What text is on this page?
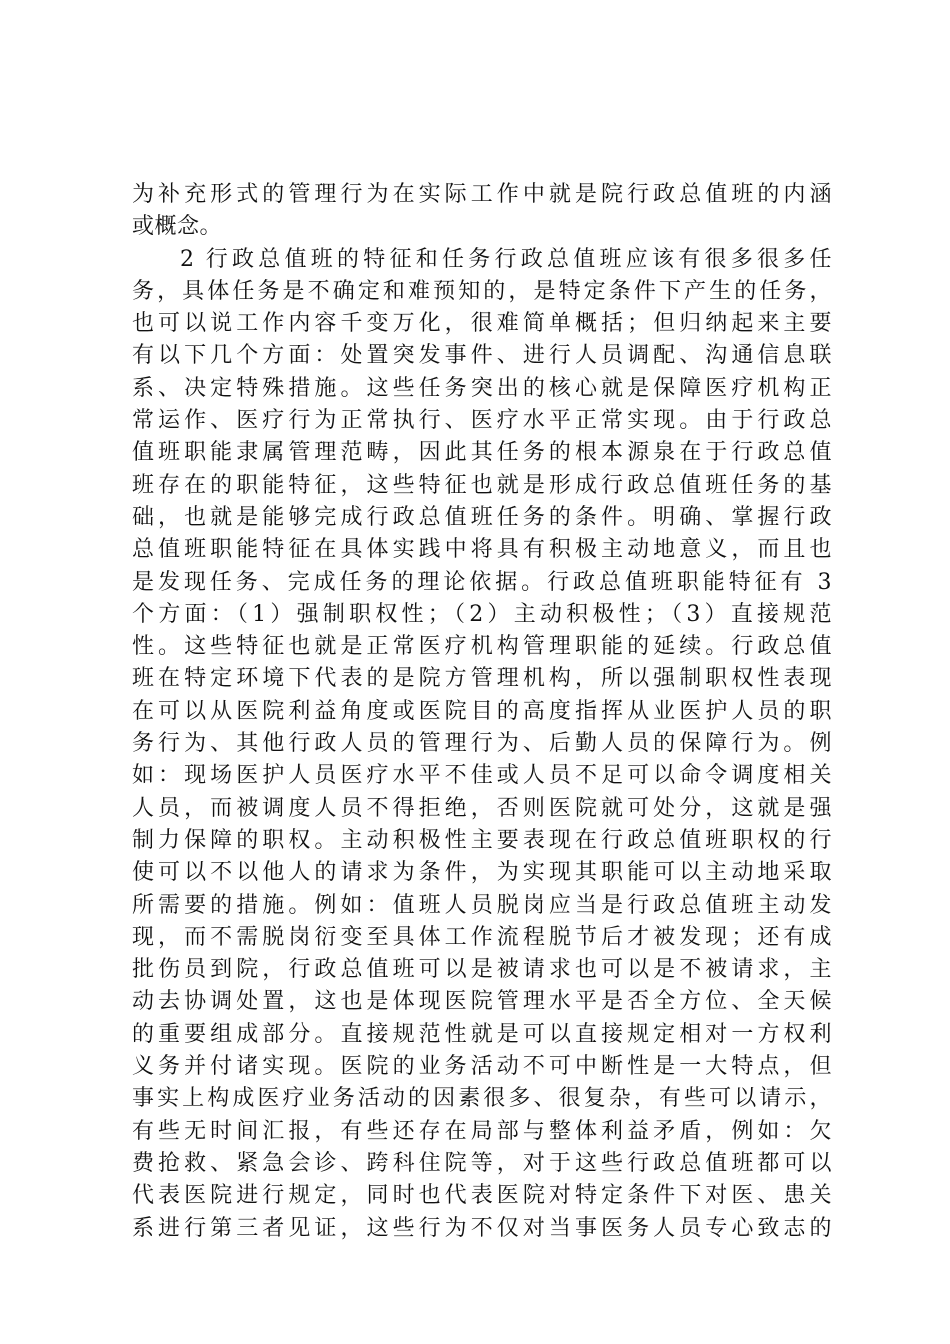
为补充形式的管理行为在实际工作中就是院行政总值班的内涵
或概念。
2 行政总值班的特征和任务行政总值班应该有很多很多任
务，具体任务是不确定和难预知的，是特定条件下产生的任务，
也可以说工作内容千变万化，很难简单概括；但归纳起来主要
有以下几个方面：处置突发事件、进行人员调配、沟通信息联
系、决定特殊措施。这些任务突出的核心就是保障医疗机构正
常运作、医疗行为正常执行、医疗水平正常实现。由于行政总
值班职能隶属管理范畴，因此其任务的根本源泉在于行政总值
班存在的职能特征，这些特征也就是形成行政总值班任务的基
础，也就是能够完成行政总值班任务的条件。明确、掌握行政
总值班职能特征在具体实践中将具有积极主动地意义，而且也
是发现任务、完成任务的理论依据。行政总值班职能特征有 3
个方面：（1）强制职权性；（2）主动积极性；（3）直接规范
性。这些特征也就是正常医疗机构管理职能的延续。行政总值
班在特定环境下代表的是院方管理机构，所以强制职权性表现
在可以从医院利益角度或医院目的高度指挥从业医护人员的职
务行为、其他行政人员的管理行为、后勤人员的保障行为。例
如：现场医护人员医疗水平不佳或人员不足可以命令调度相关
人员，而被调度人员不得拒绝，否则医院就可处分，这就是强
制力保障的职权。主动积极性主要表现在行政总值班职权的行
使可以不以他人的请求为条件，为实现其职能可以主动地采取
所需要的措施。例如：值班人员脱岗应当是行政总值班主动发
现，而不需脱岗衍变至具体工作流程脱节后才被发现；还有成
批伤员到院，行政总值班可以是被请求也可以是不被请求，主
动去协调处置，这也是体现医院管理水平是否全方位、全天候
的重要组成部分。直接规范性就是可以直接规定相对一方权利
义务并付诸实现。医院的业务活动不可中断性是一大特点，但
事实上构成医疗业务活动的因素很多、很复杂，有些可以请示，
有些无时间汇报，有些还存在局部与整体利益矛盾，例如：欠
费抢救、紧急会诊、跨科住院等，对于这些行政总值班都可以
代表医院进行规定，同时也代表医院对特定条件下对医、患关
系进行第三者见证，这些行为不仅对当事医务人员专心致志的
